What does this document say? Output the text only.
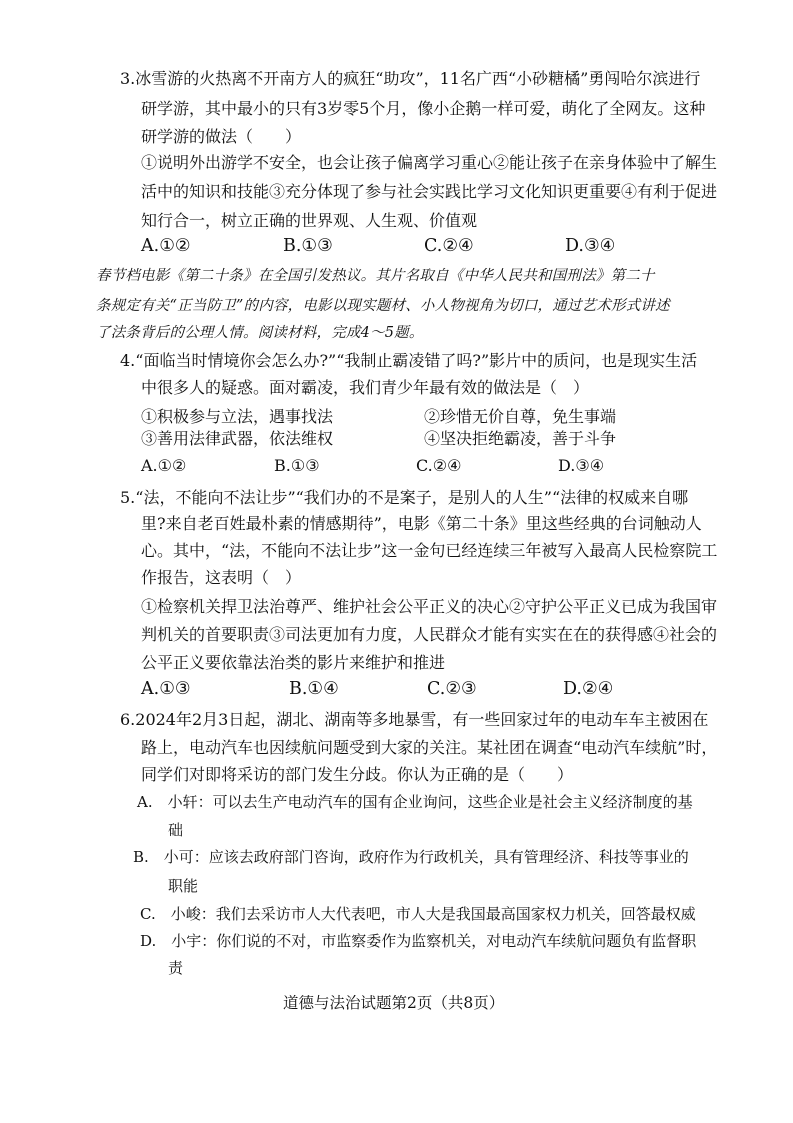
3.冰雪游的火热离不开南方人的疯狂“助攻”，11名广西“小砂糖橘”勇闯哈尔滨进行
研学游，其中最小的只有3岁零5个月，像小企鹅一样可爱，萌化了全网友。这种
研学游的做法（　　）
①说明外出游学不安全，也会让孩子偏离学习重心②能让孩子在亲身体验中了解生
活中的知识和技能③充分体现了参与社会实践比学习文化知识更重要④有利于促进
知行合一，树立正确的世界观、人生观、价值观
A.①②	B.①③	C.②④	D.③④
春节档电影《第二十条》在全国引发热议。其片名取自《中华人民共和国刑法》第二十
条规定有关“正当防卫”的内容，电影以现实题材、小人物视角为切口，通过艺术形式讲述
了法条背后的公理人情。阅读材料，完成4～5题。
4.“面临当时情境你会怎么办?”“我制止霸凌错了吗?”影片中的质问，也是现实生活
中很多人的疑惑。面对霸凌，我们青少年最有效的做法是（　）
①积极参与立法，遇事找法	②珍惜无价自尊，免生事端
③善用法律武器，依法维权	④坚决拒绝霸凌，善于斗争
A.①②	B.①③	C.②④	D.③④
5.“法，不能向不法让步”“我们办的不是案子，是别人的人生”“法律的权威来自哪
里?来自老百姓最朴素的情感期待”，电影《第二十条》里这些经典的台词触动人
心。其中，“法，不能向不法让步”这一金句已经连续三年被写入最高人民检察院工
作报告，这表明（　）
①检察机关捍卫法治尊严、维护社会公平正义的决心②守护公平正义已成为我国审
判机关的首要职责③司法更加有力度，人民群众才能有实实在在的获得感④社会的
公平正义要依靠法治类的影片来维护和推进
A.①③	B.①④	C.②③	D.②④
6.2024年2月3日起，湖北、湖南等多地暴雪，有一些回家过年的电动车车主被困在
路上，电动汽车也因续航问题受到大家的关注。某社团在调查“电动汽车续航”时，
同学们对即将采访的部门发生分歧。你认为正确的是（　　）
A.　小轩：可以去生产电动汽车的国有企业询问，这些企业是社会主义经济制度的基
础
B.　小可：应该去政府部门咨询，政府作为行政机关，具有管理经济、科技等事业的
职能
C.　小峻：我们去采访市人大代表吧，市人大是我国最高国家权力机关，回答最权威
D.　小宇：你们说的不对，市监察委作为监察机关，对电动汽车续航问题负有监督职
责
道德与法治试题第2页（共8页）
